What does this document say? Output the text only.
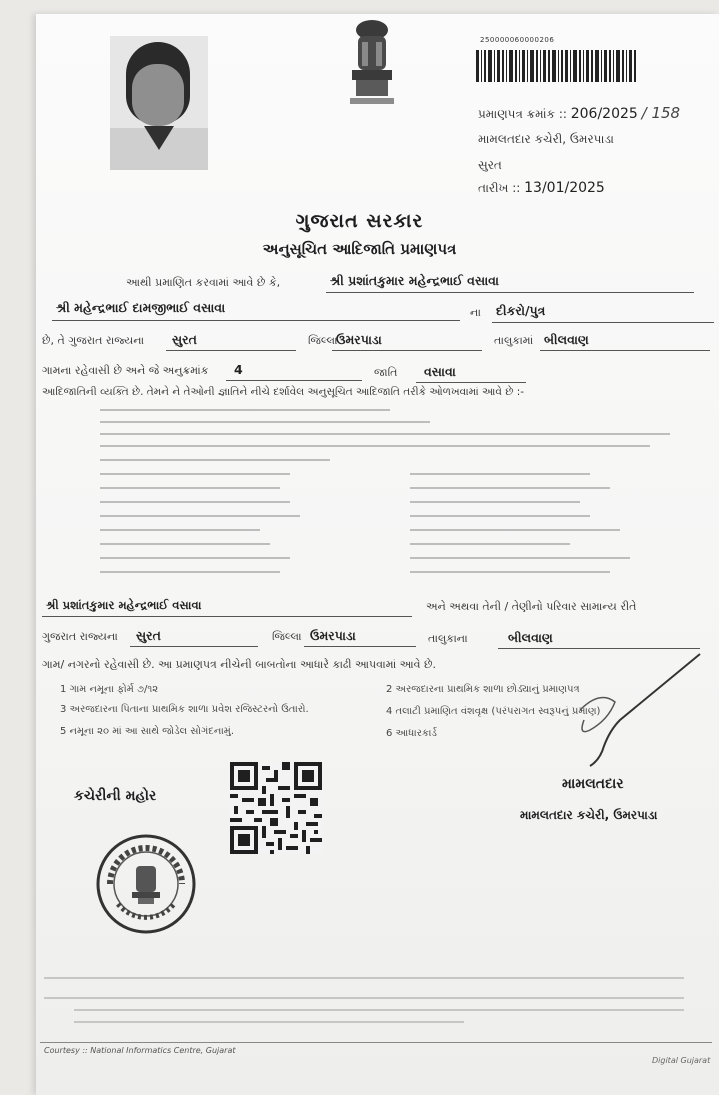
250000060000206
પ્રમાણપત્ર ક્રમાંક :: 206/2025 / 158
મામલતદાર કચેરી, ઉમરપાડા
સુરત
તારીખ :: 13/01/2025
ગુજરાત સરકાર
અનુસૂચિત આદિજાતિ પ્રમાણપત્ર
આથી પ્રમાણિત કરવામાં આવે છે કે,	શ્રી પ્રશાંતકુમાર મહેન્દ્રભાઈ વસાવા
શ્રી મહેન્દ્રભાઈ દામજીભાઈ વસાવા	ના દીકરો/પુત્ર
છે, તે ગુજરાત રાજ્યના સુરત	જિલ્લા
ઉમરપાડા	તાલુકામાં બીલવાણ
ગામના રહેવાસી છે અને જે અનુક્રમાંક 4	જાતિ વસાવા
આદિજાતિની વ્યક્તિ છે. તેમને ને તેઓની જ્ઞાતિને નીચે દર્શાવેલ અનુસૂચિત આદિજાતિ તરીકે ઓળખવામાં આવે છે :-
શ્રી પ્રશાંતકુમાર મહેન્દ્રભાઈ વસાવા	અને અથવા તેની / તેણીનો પરિવાર સામાન્ય રીતે
ગુજરાત રાજ્યના સુરત	જિલ્લા ઉમરપાડા	તાલુકાના	બીલવાણ
ગામ/ નગરનો રહેવાસી છે. આ પ્રમાણપત્ર નીચેની બાબતોના આધારે કાઢી આપવામાં આવે છે.
1 ગામ નમૂના ફોર્મ ૭/૧૨	2 અરજદારના પ્રાથમિક શાળા છોડ્યાનું પ્રમાણપત્ર
3 અરજદારના પિતાના પ્રાથમિક શાળા પ્રવેશ રજિસ્ટરનો ઉતારો.	4 તલાટી પ્રમાણિત વંશવૃક્ષ (પરંપરાગત સ્વરૂપનું પ્રમાણ)
5 નમૂના ૨૦ માં આ સાથે જોડેલ સોગંદનામું.	6 આધારકાર્ડ
કચેરીની મહોર
મામલતદાર
મામલતદાર કચેરી, ઉમરપાડા
Courtesy :: National Informatics Centre, Gujarat
Digital Gujarat
